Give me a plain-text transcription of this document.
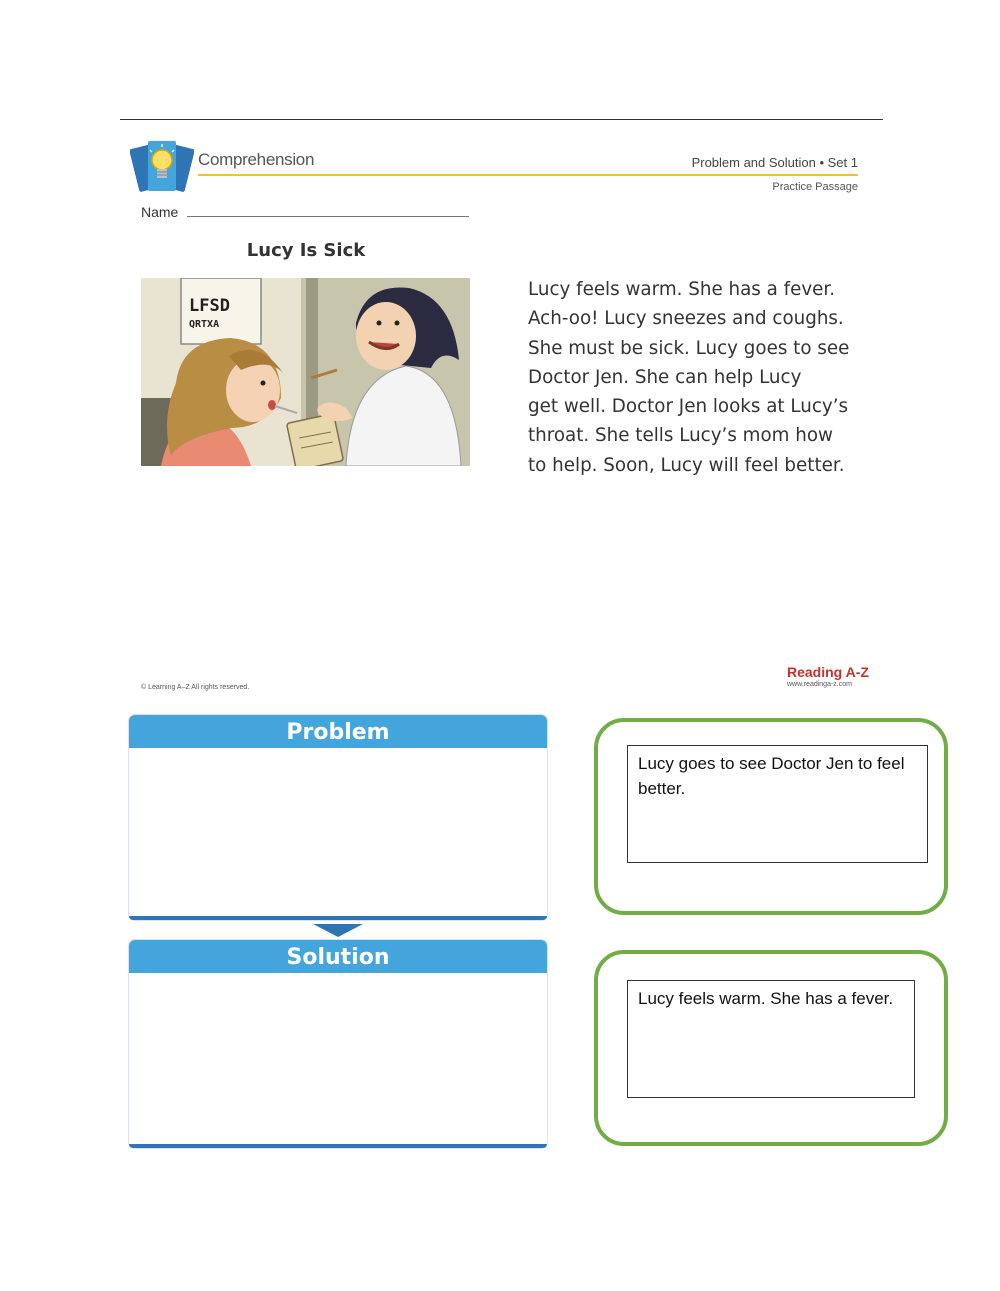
Comprehension	Problem and Solution • Set 1
Practice Passage
Name
Lucy Is Sick
LFSD
QRTXA

Lucy feels warm. She has a fever.

Ach-oo! Lucy sneezes and coughs.

She must be sick. Lucy goes to see

Doctor Jen. She can help Lucy

get well. Doctor Jen looks at Lucy’s

throat. She tells Lucy’s mom how

to help. Soon, Lucy will feel better.

© Learning A–Z All rights reserved.
Reading A-Z
www.readinga-z.com
Problem
Solution
Lucy goes to see Doctor Jen to feel better.
Lucy feels warm. She has a fever.
